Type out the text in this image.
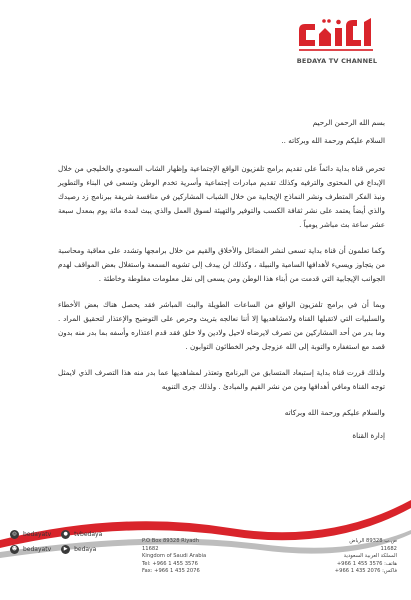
BEDAYA TV CHANNEL

بسم الله الرحمن الرحيم

السلام عليكم ورحمة الله وبركاته ..

تحرص قناة بداية دائماً على تقديم برامج تلفزيون الواقع الإجتماعية وإظهار الشاب السعودي والخليجي من خلال الإبداع في المحتوى والترفيه وكذلك تقديم مبادرات إجتماعية وأسرية تخدم الوطن وتسعى في البناء والتطوير ونبذ الفكر المتطرف ونشر النماذج الإيجابية من خلال الشباب المشاركين في منافسة شريفة ببرنامج زد رصيدك والذي أيضاً يعتمد على نشر ثقافة الكسب والتوفير والتهيئة لسوق العمل والذي يبث لمدة مائة يوم بمعدل سبعة عشر ساعة بث مباشر يومياً .

وكما تعلمون أن قناة بداية تسعى لنشر الفضائل والأخلاق والقيم من خلال برامجها وتشدد على معاقبة ومحاسبة من يتجاوز ويسيء لأهدافها السامية والنبيلة ، وكذلك لن يبدف إلى تشويه السمعة واستغلال بعض المواقف لهدم الجوانب الإيجابية التي قدمت من أبناء هذا الوطن ومن يسعى إلى نقل معلومات مغلوطة وخاطئة .

وبما أن في برامج تلفزيون الواقع من الساعات الطويلة والبث المباشر فقد يحصل هناك بعض الأخطاء والسلبيات التي لاتقبلها القناة ولامشاهديها إلا أننا نعالجه بتريث وحرص على التوضيح والإعتذار لتحقيق المراد . وما بدر من أحد المشاركين من تصرف لايرضاه لاحيل ولادين ولا خلق فقد قدم اعتذاره وأسفه بما بدر منه بدون قصد مع استغفاره والتوبة إلى الله عزوجل وخير الخطائون التوابون .

ولذلك قررت قناة بداية إستبعاد المتسابق من البرنامج وتعتذر لمشاهديها عما بدر منه هذا التصرف الذي لايمثل توجه القناة ومافي أهدافها ومن من نشر القيم والمبادئ . ولذلك جرى التنويه

والسلام عليكم ورحمة الله وبركاته

إدارة القناة

◎	bedayatv	●	tvbedaya
☻ bedayatv	▶	bedaya
P.O Box 89328 Riyadh 11682
Kingdom of Saudi Arabia
Tel: +966 1 455 3576
Fax: +966 1 435 2076
ص.ب 89328 الرياض 11682
المملكة العربية السعودية
هاتف: 3576 455 1 966+
فاكس: 2076 435 1 966+
